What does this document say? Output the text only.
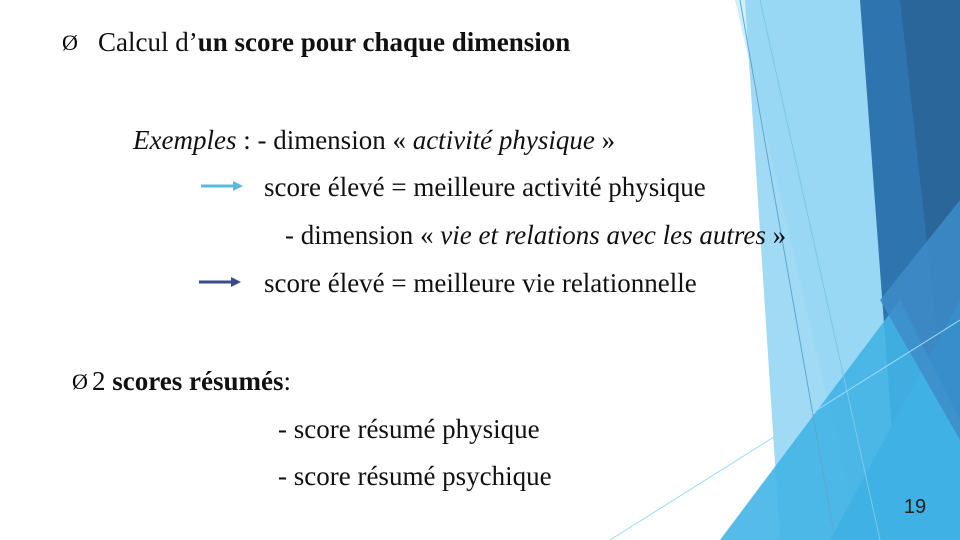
Ø Calcul d’un score pour chaque dimension
Exemples : - dimension « activité physique »
score élevé = meilleure activité physique
- dimension « vie et relations avec les autres »
score élevé = meilleure vie relationnelle
Ø 2 scores résumés:
- score résumé physique
- score résumé psychique
19
